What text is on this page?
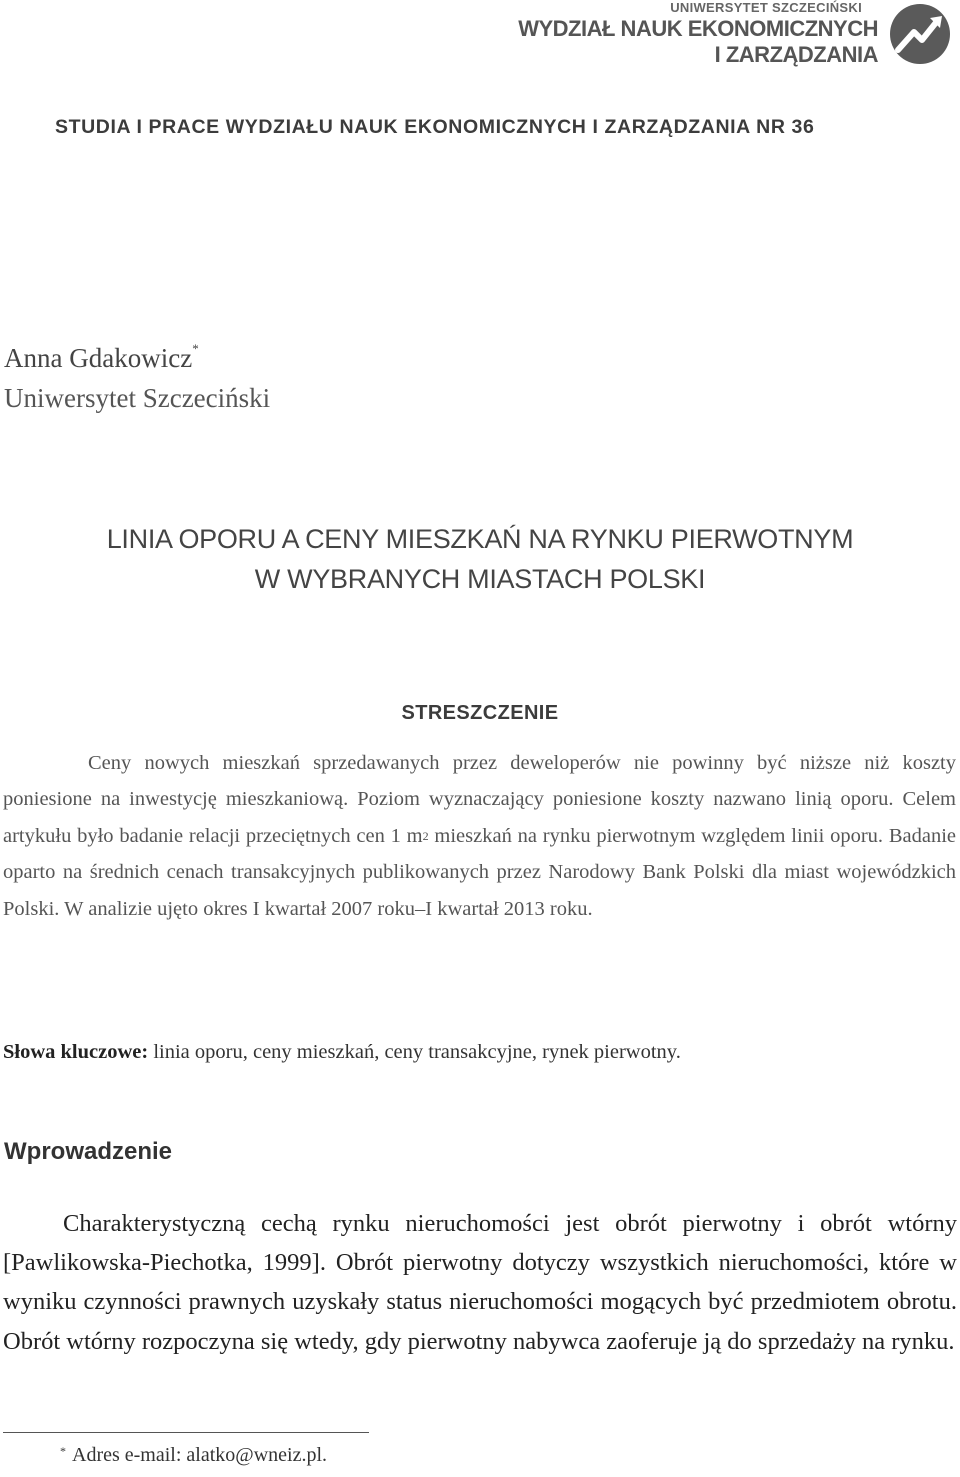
UNIWERSYTET SZCZECIŃSKI
WYDZIAŁ NAUK EKONOMICZNYCH
I ZARZĄDZANIA
STUDIA I PRACE WYDZIAŁU NAUK EKONOMICZNYCH I ZARZĄDZANIA NR 36
Anna Gdakowicz*
Uniwersytet Szczeciński
LINIA OPORU A CENY MIESZKAŃ NA RYNKU PIERWOTNYM
W WYBRANYCH MIASTACH POLSKI
STRESZCZENIE

Ceny nowych mieszkań sprzedawanych przez deweloperów nie powinny być niższe niż koszty poniesione na inwestycję mieszkaniową. Poziom wyznaczający poniesione koszty nazwano linią oporu. Celem artykułu było badanie relacji przeciętnych cen 1 $m^2$ mieszkań na rynku pierwotnym względem linii oporu. Badanie oparto na średnich cenach transakcyjnych publikowanych przez Narodowy Bank Polski dla miast wojewódzkich Polski. W analizie ujęto okres I kwartał 2007 roku–I kwartał 2013 roku.

Słowa kluczowe: linia oporu, ceny mieszkań, ceny transakcyjne, rynek pierwotny.
Wprowadzenie

Charakterystyczną cechą rynku nieruchomości jest obrót pierwotny i obrót wtórny [Pawlikowska-Piechotka, 1999]. Obrót pierwotny dotyczy wszystkich nieruchomości, które w wyniku czynności prawnych uzyskały status nieruchomości mogących być przedmiotem obrotu. Obrót wtórny rozpoczyna się wtedy, gdy pierwotny nabywca zaoferuje ją do sprzedaży na rynku.

* Adres e-mail: alatko@wneiz.pl.
